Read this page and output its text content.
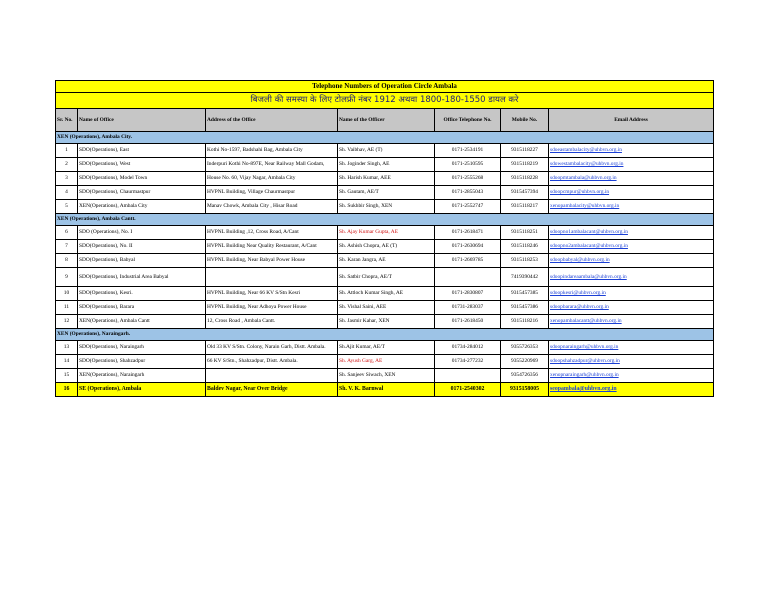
Telephone Numbers of Operation Circle Ambala						
बिजली की समस्या के लिए टोलफ्री नंबर 1912 अथवा 1800-180-1550 डायल करे						
Sr. No.	Name of Office	Address of the Office	Name of the Officer	Office Telephone No.	Mobile No.	Email Address
XEN (Operations), Ambala City.						
1	SDO(Operations), East	Kothi No-1597, Badshahi Bag, Ambala City	Sh. Vaibhav, AE (T)	0171-2534191	9315118227	sdoeastambalacity@uhbvn.org.in
2	SDO(Operations), West	Inderpuri Kothi No-897E, Near Railway Mall Godam,	Sh. Joginder Singh, AE	0171-2510595	9315118219	sdowestambalacity@uhbvn.org.in
3	SDO(Operations), Model Town	House No. 60, Vijay Nagar, Ambala City	Sh. Harish Kumar, AEE	0171-2555268	9315118228	sdoopmtambala@uhbvn.org.in
4	SDO(Operations), Chaurmastpur	HVPNL Building, Village Chaurmastpur	Sh. Gautam, AE/T	0171-2855043	9315457394	sdoopcmpur@uhbvn.org.in
5	XEN(Operations), Ambala City	Manav Chowk, Ambala City , Hisar Road	Sh. Sukhbir Singh, XEN	0171-2552747	9315118217	xenopambalacity@uhbvn.org.in
XEN (Operations), Ambala Cantt.						
6	SDO (Operations), No. I	HVPNL Building ,12, Cross Road, A/Cant	Sh. Ajay Kumar Gupta, AE	0171-2618471	9315118251	sdoopno1ambalacant@uhbvn.org.in
7	SDO(Operations), No. II	HVPNL Building Near Quality Restaurant, A/Cant	Sh. Ashish Chopra, AE (T)	0171-2630694	9315118246	sdoopno2ambalacant@uhbvn.org.in
8	SDO(Operations), Babyal	HVPNL Building, Near Babyal Power House	Sh. Karan Jangra, AE	0171-2669785	9315118253	sdoopbabyal@uhbvn.org.in
9	SDO(Operations), Industrial Area Babyal		Sh. Satbir Chopra, AE/T		7419390442	sdoopindareaambala@uhbvn.org.in
10	SDO(Operations), Kesri.	HVPNL Building, Near 66 KV S/Stn Kesri	Sh. Attloch Kumar Singh, AE	0171-2830807	9315457385	sdoopkesri@uhbvn.org.in
11	SDO(Operations), Barara	HVPNL Building, Near Adhoya Power House	Sh. Vishal Saini, AEE	01731-283037	9315457386	sdoopbarara@uhbvn.org.in
12	XEN(Operations), Ambala Cantt	12, Cross Road , Ambala Cantt.	Sh. Jasmir Kahar, XEN	0171-2618450	9315118216	xenopambalacantt@uhbvn.org.in
XEN (Operations), Naraingarh.						
13	SDO(Operations), Naraingarh	Old 33 KV S/Stn. Colony, Narain Garh, Distt. Ambala.	Sh.Ajit Kumar, AE/T	01734-284012	9355726353	sdoopnaraingarh@uhbvn.org.in
14	SDO(Operations), Shahzadpur	66 KV S/Stn., Shahzadpur, Distt. Ambala.	Sh. Ayush Garg, AE	01734-277232	9355220969	sdoopshahzadpur@uhbvn.org.in
15	XEN(Operations), Naraingarh		Sh. Sanjeev Siwach, XEN		9354726356	xenopnaraingarh@uhbvn.org.in
16	SE (Operations), Ambala	Baldev Nagar, Near Over Bridge	Sh. V. K. Barnwal	0171-2540302	9315158005	seopambala@uhbvn.org.in
